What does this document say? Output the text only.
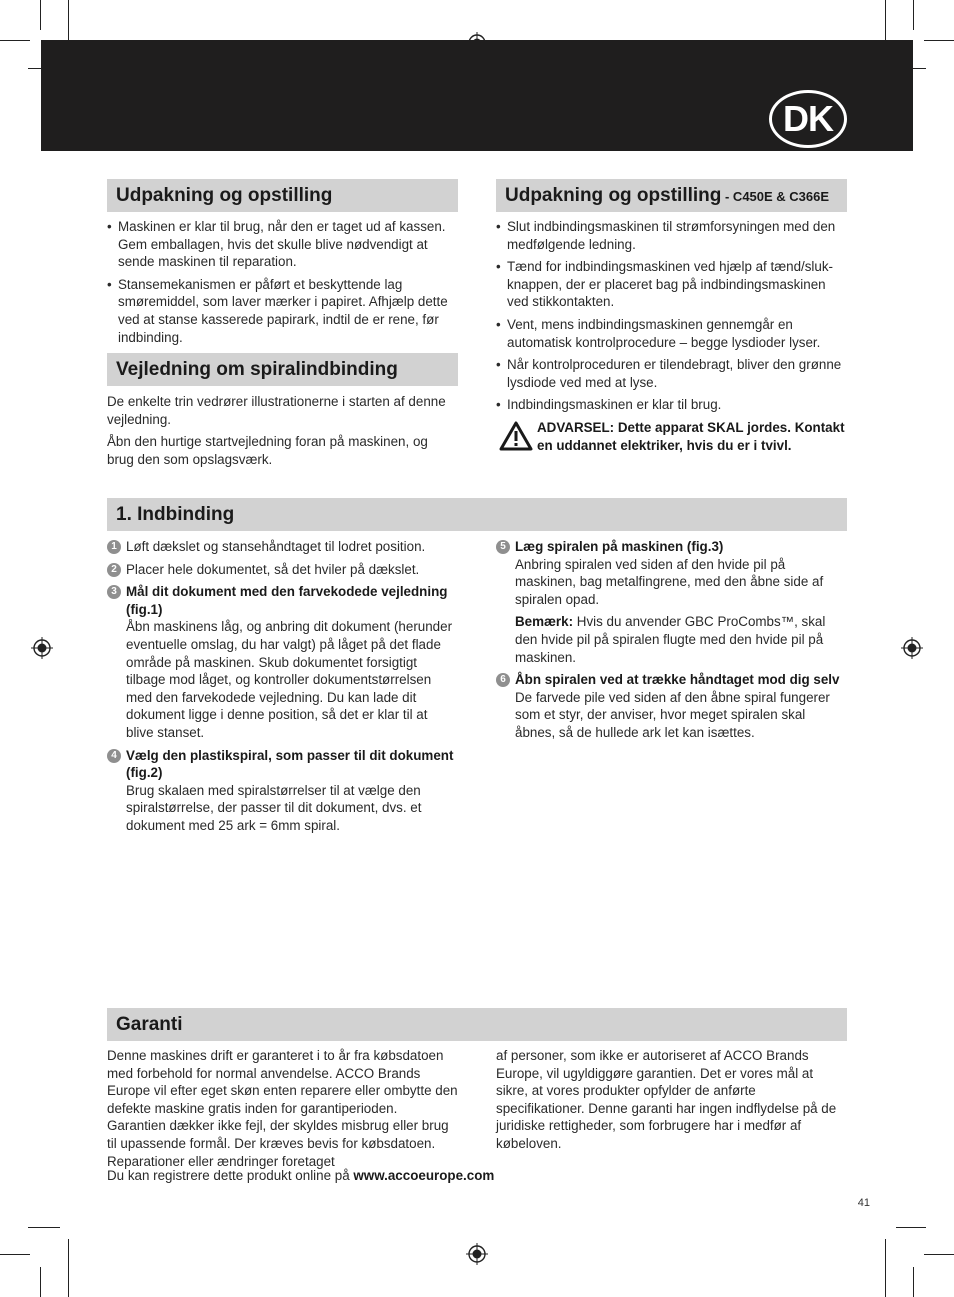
DK
Udpakning og opstilling
• Maskinen er klar til brug, når den er taget ud af kassen. Gem emballagen, hvis det skulle blive nødvendigt at sende maskinen til reparation.
• Stansemekanismen er påført et beskyttende lag smøremiddel, som laver mærker i papiret. Afhjælp dette ved at stanse kasserede papirark, indtil de er rene, før indbinding.
Vejledning om spiralindbinding

De enkelte trin vedrører illustrationerne i starten af denne vejledning.

Åbn den hurtige startvejledning foran på maskinen, og brug den som opslagsværk.

Udpakning og opstilling - C450E & C366E
• Slut indbindingsmaskinen til strømforsyningen med den medfølgende ledning.
• Tænd for indbindingsmaskinen ved hjælp af tænd/sluk-knappen, der er placeret bag på indbindingsmaskinen ved stikkontakten.
• Vent, mens indbindingsmaskinen gennemgår en automatisk kontrolprocedure – begge lysdioder lyser.
• Når kontrolproceduren er tilendebragt, bliver den grønne lysdiode ved med at lyse.
• Indbindingsmaskinen er klar til brug.
ADVARSEL: Dette apparat SKAL jordes. Kontakt en uddannet elektriker, hvis du er i tvivl.
1. Indbinding
1 Løft dækslet og stansehåndtaget til lodret position.
2 Placer hele dokumentet, så det hviler på dækslet.
3 Mål dit dokument med den farvekodede vejledning (fig.1)
Åbn maskinens låg, og anbring dit dokument (herunder eventuelle omslag, du har valgt) på låget på det flade område på maskinen. Skub dokumentet forsigtigt tilbage mod låget, og kontroller dokumentstørrelsen med den farvekodede vejledning. Du kan lade dit dokument ligge i denne position, så det er klar til at blive stanset.
4 Vælg den plastikspiral, som passer til dit dokument (fig.2)
Brug skalaen med spiralstørrelser til at vælge den spiralstørrelse, der passer til dit dokument, dvs. et dokument med 25 ark = 6mm spiral.
5 Læg spiralen på maskinen (fig.3)
Anbring spiralen ved siden af den hvide pil på maskinen, bag metalfingrene, med den åbne side af spiralen opad.
Bemærk: Hvis du anvender GBC ProCombs™, skal den hvide pil på spiralen flugte med den hvide pil på maskinen.
6 Åbn spiralen ved at trække håndtaget mod dig selv
De farvede pile ved siden af den åbne spiral fungerer som et styr, der anviser, hvor meget spiralen skal åbnes, så de hullede ark let kan isættes.
Garanti
Denne maskines drift er garanteret i to år fra købsdatoen med forbehold for normal anvendelse. ACCO Brands Europe vil efter eget skøn enten reparere eller ombytte den defekte maskine gratis inden for garantiperioden. Garantien dækker ikke fejl, der skyldes misbrug eller brug til upassende formål. Der kræves bevis for købsdatoen. Reparationer eller ændringer foretaget
af personer, som ikke er autoriseret af ACCO Brands Europe, vil ugyldiggøre garantien. Det er vores mål at sikre, at vores produkter opfylder de anførte specifikationer. Denne garanti har ingen indflydelse på de juridiske rettigheder, som forbrugere har i medfør af købeloven.
Du kan registrere dette produkt online på www.accoeurope.com
41
